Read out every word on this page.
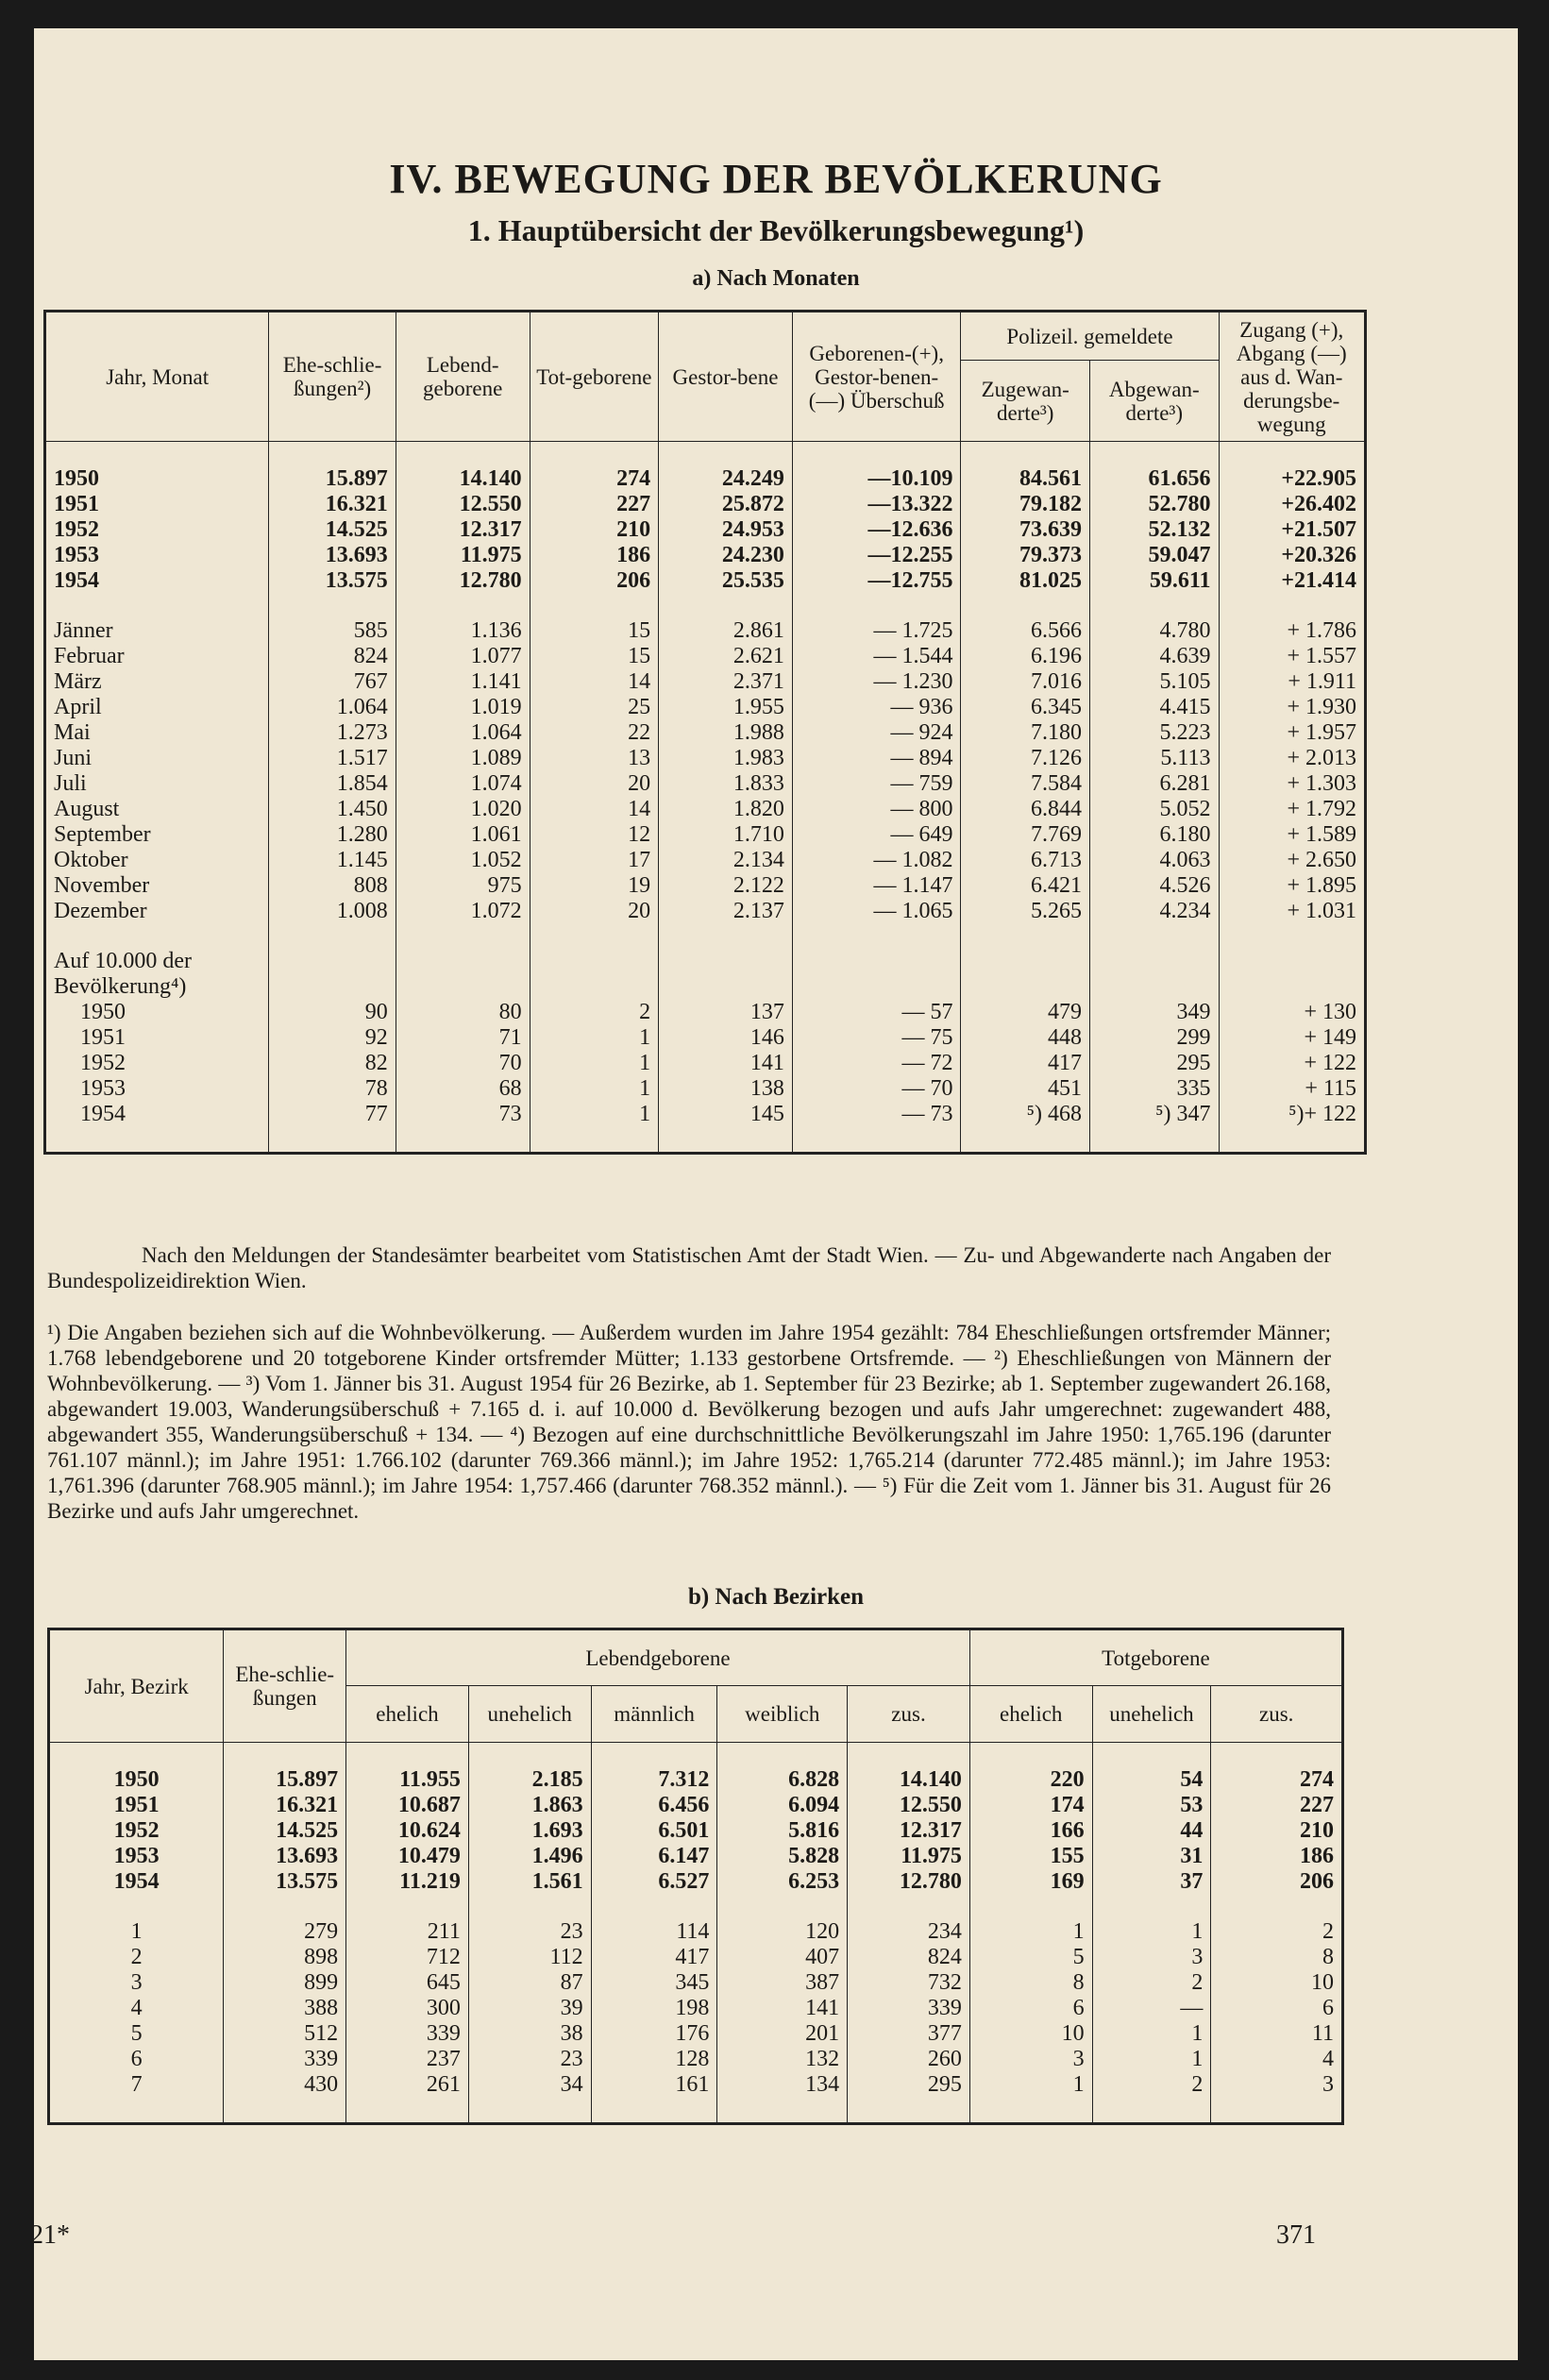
IV. BEWEGUNG DER BEVÖLKERUNG
1. Hauptübersicht der Bevölkerungsbewegung¹)
a) Nach Monaten
Jahr, Monat	Ehe-schlie-ßungen²)	Lebend-geborene	Tot-geborene	Gestor-bene	Geborenen-(+), Gestor-benen- (—) Überschuß	Polizeil. gemeldete		Zugang (+), Abgang (—) aus d. Wan-derungsbe-wegung
						Zugewan-derte³)	Abgewan-derte³)	

1950	15.897	14.140	274	24.249	—10.109	84.561	61.656	+22.905
1951	16.321	12.550	227	25.872	—13.322	79.182	52.780	+26.402
1952	14.525	12.317	210	24.953	—12.636	73.639	52.132	+21.507
1953	13.693	11.975	186	24.230	—12.255	79.373	59.047	+20.326
1954	13.575	12.780	206	25.535	—12.755	81.025	59.611	+21.414

Jänner	585	1.136	15	2.861	— 1.725	6.566	4.780	+ 1.786
Februar	824	1.077	15	2.621	— 1.544	6.196	4.639	+ 1.557
März	767	1.141	14	2.371	— 1.230	7.016	5.105	+ 1.911
April	1.064	1.019	25	1.955	— 936	6.345	4.415	+ 1.930
Mai	1.273	1.064	22	1.988	— 924	7.180	5.223	+ 1.957
Juni	1.517	1.089	13	1.983	— 894	7.126	5.113	+ 2.013
Juli	1.854	1.074	20	1.833	— 759	7.584	6.281	+ 1.303
August	1.450	1.020	14	1.820	— 800	6.844	5.052	+ 1.792
September	1.280	1.061	12	1.710	— 649	7.769	6.180	+ 1.589
Oktober	1.145	1.052	17	2.134	— 1.082	6.713	4.063	+ 2.650
November	808	975	19	2.122	— 1.147	6.421	4.526	+ 1.895
Dezember	1.008	1.072	20	2.137	— 1.065	5.265	4.234	+ 1.031

Auf 10.000 der								
Bevölkerung⁴)								
1950	90	80	2	137	— 57	479	349	+ 130
1951	92	71	1	146	— 75	448	299	+ 149
1952	82	70	1	141	— 72	417	295	+ 122
1953	78	68	1	138	— 70	451	335	+ 115
1954	77	73	1	145	— 73	⁵) 468	⁵) 347	⁵)+ 122

Nach den Meldungen der Standesämter bearbeitet vom Statistischen Amt der Stadt Wien. — Zu- und Abgewanderte nach Angaben der Bundespolizeidirektion Wien.
¹) Die Angaben beziehen sich auf die Wohnbevölkerung. — Außerdem wurden im Jahre 1954 gezählt: 784 Eheschließungen ortsfremder Männer; 1.768 lebendgeborene und 20 totgeborene Kinder ortsfremder Mütter; 1.133 gestorbene Ortsfremde. — ²) Eheschließungen von Männern der Wohnbevölkerung. — ³) Vom 1. Jänner bis 31. August 1954 für 26 Bezirke, ab 1. September für 23 Bezirke; ab 1. September zugewandert 26.168, abgewandert 19.003, Wanderungsüberschuß + 7.165 d. i. auf 10.000 d. Bevölkerung bezogen und aufs Jahr umgerechnet: zugewandert 488, abgewandert 355, Wanderungsüberschuß + 134. — ⁴) Bezogen auf eine durchschnittliche Bevölkerungszahl im Jahre 1950: 1,765.196 (darunter 761.107 männl.); im Jahre 1951: 1.766.102 (darunter 769.366 männl.); im Jahre 1952: 1,765.214 (darunter 772.485 männl.); im Jahre 1953: 1,761.396 (darunter 768.905 männl.); im Jahre 1954: 1,757.466 (darunter 768.352 männl.). — ⁵) Für die Zeit vom 1. Jänner bis 31. August für 26 Bezirke und aufs Jahr umgerechnet.
b) Nach Bezirken
Jahr, Bezirk	Ehe-schlie-ßungen	Lebendgeborene					Totgeborene		
		ehelich	unehelich	männlich	weiblich	zus.	ehelich	unehelich	zus.

1950	15.897	11.955	2.185	7.312	6.828	14.140	220	54	274
1951	16.321	10.687	1.863	6.456	6.094	12.550	174	53	227
1952	14.525	10.624	1.693	6.501	5.816	12.317	166	44	210
1953	13.693	10.479	1.496	6.147	5.828	11.975	155	31	186
1954	13.575	11.219	1.561	6.527	6.253	12.780	169	37	206

1	279	211	23	114	120	234	1	1	2
2	898	712	112	417	407	824	5	3	8
3	899	645	87	345	387	732	8	2	10
4	388	300	39	198	141	339	6	—	6
5	512	339	38	176	201	377	10	1	11
6	339	237	23	128	132	260	3	1	4
7	430	261	34	161	134	295	1	2	3

21*	371
